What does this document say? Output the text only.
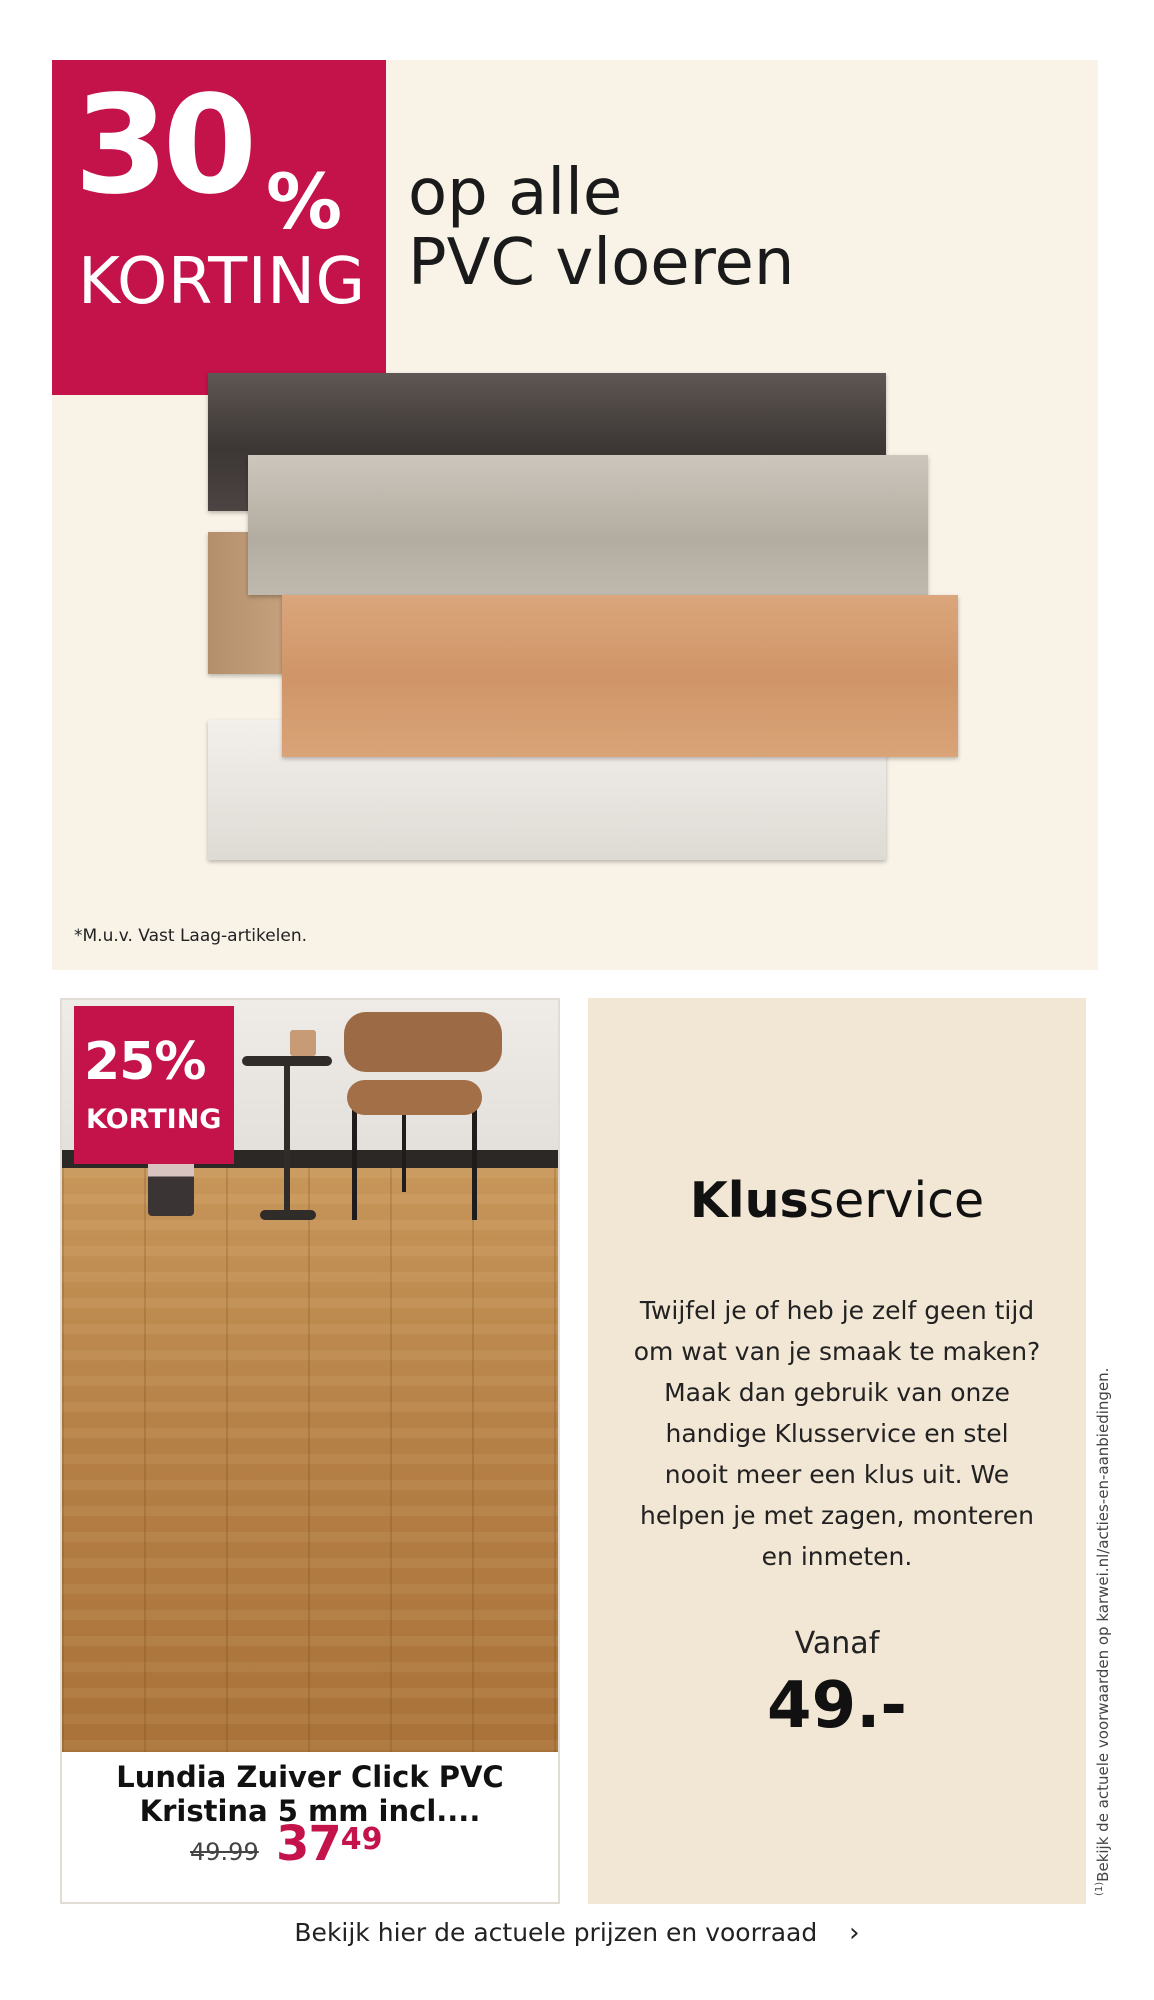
30 %
KORTING
op alle
PVC vloeren
*M.u.v. Vast Laag-artikelen.
25%
KORTING
Lundia Zuiver Click PVC
Kristina 5 mm incl....
49.99 3749
Klusservice
Twijfel je of heb je zelf geen tijd om wat van je smaak te maken? Maak dan gebruik van onze handige Klusservice en stel nooit meer een klus uit. We helpen je met zagen, monteren en inmeten.
Vanaf
49.-
$^{(1)}$Bekijk de actuele voorwaarden op karwei.nl/acties-en-aanbiedingen.
Bekijk hier de actuele prijzen en voorraad ›
